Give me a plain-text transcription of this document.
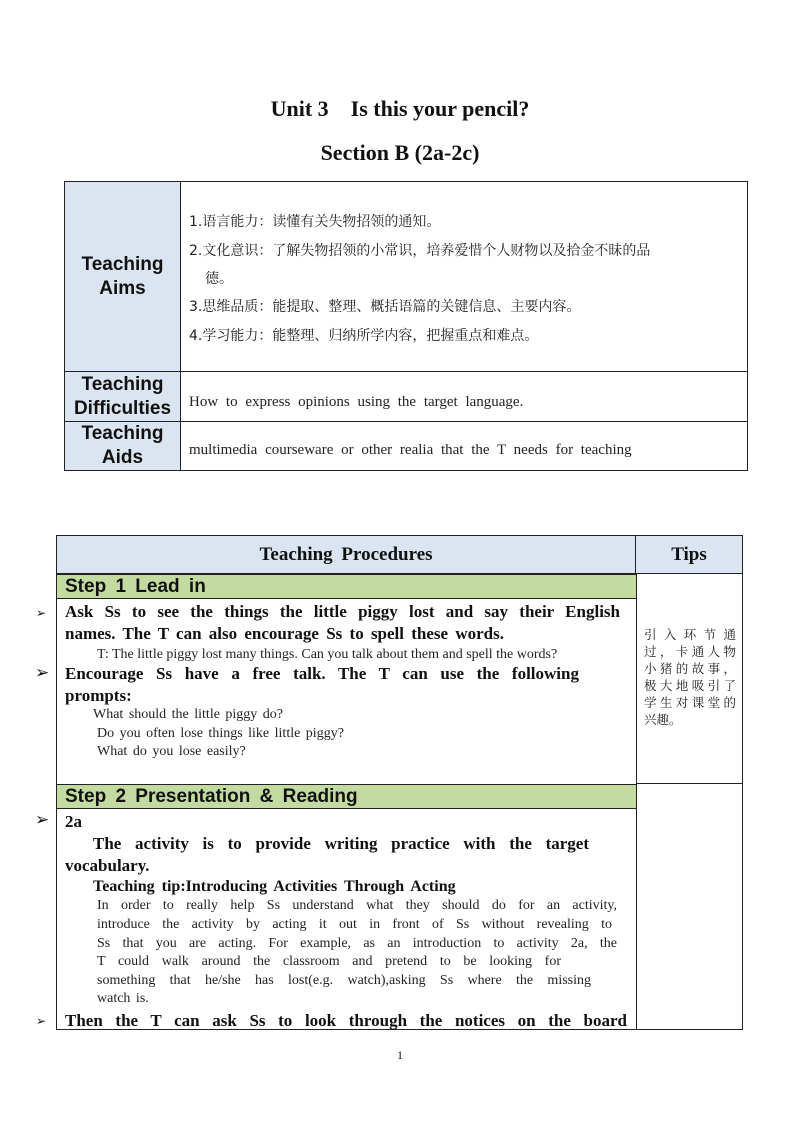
Unit 3    Is this your pencil?
Section B (2a-2c)
Teaching
Aims
1.语言能力：读懂有关失物招领的通知。
2.文化意识：了解失物招领的小常识，培养爱惜个人财物以及拾金不昧的品
德。
3.思维品质：能提取、整理、概括语篇的关键信息、主要内容。
4.学习能力：能整理、归纳所学内容，把握重点和难点。
Teaching
Difficulties How to express opinions using the target language.
Teaching
Aids	multimedia courseware or other realia that the T needs for teaching
➢
➢
➢
➢
Teaching Procedures	Tips
Step 1 Lead in
Ask Ss to see the things the little piggy lost and say their English
names. The T can also encourage Ss to spell these words.
T: The little piggy lost many things. Can you talk about them and spell the words?
Encourage Ss have a free talk. The T can use the following
prompts:
What should the little piggy do?
Do you often lose things like little piggy?
What do you lose easily?
引入环节通
过，卡通人物
小猪的故事，
极大地吸引了
学生对课堂的
兴趣。
Step 2 Presentation & Reading
2a
The activity is to provide writing practice with the target
vocabulary.
Teaching tip:Introducing Activities Through Acting
In order to really help Ss understand what they should do for an activity,
introduce the activity by acting it out in front of Ss without revealing to
Ss that you are acting. For example, as an introduction to activity 2a, the
T could walk around the classroom and pretend to be looking for
something that he/she has lost(e.g. watch),asking Ss where the missing
watch is.
Then the T can ask Ss to look through the notices on the board
1
